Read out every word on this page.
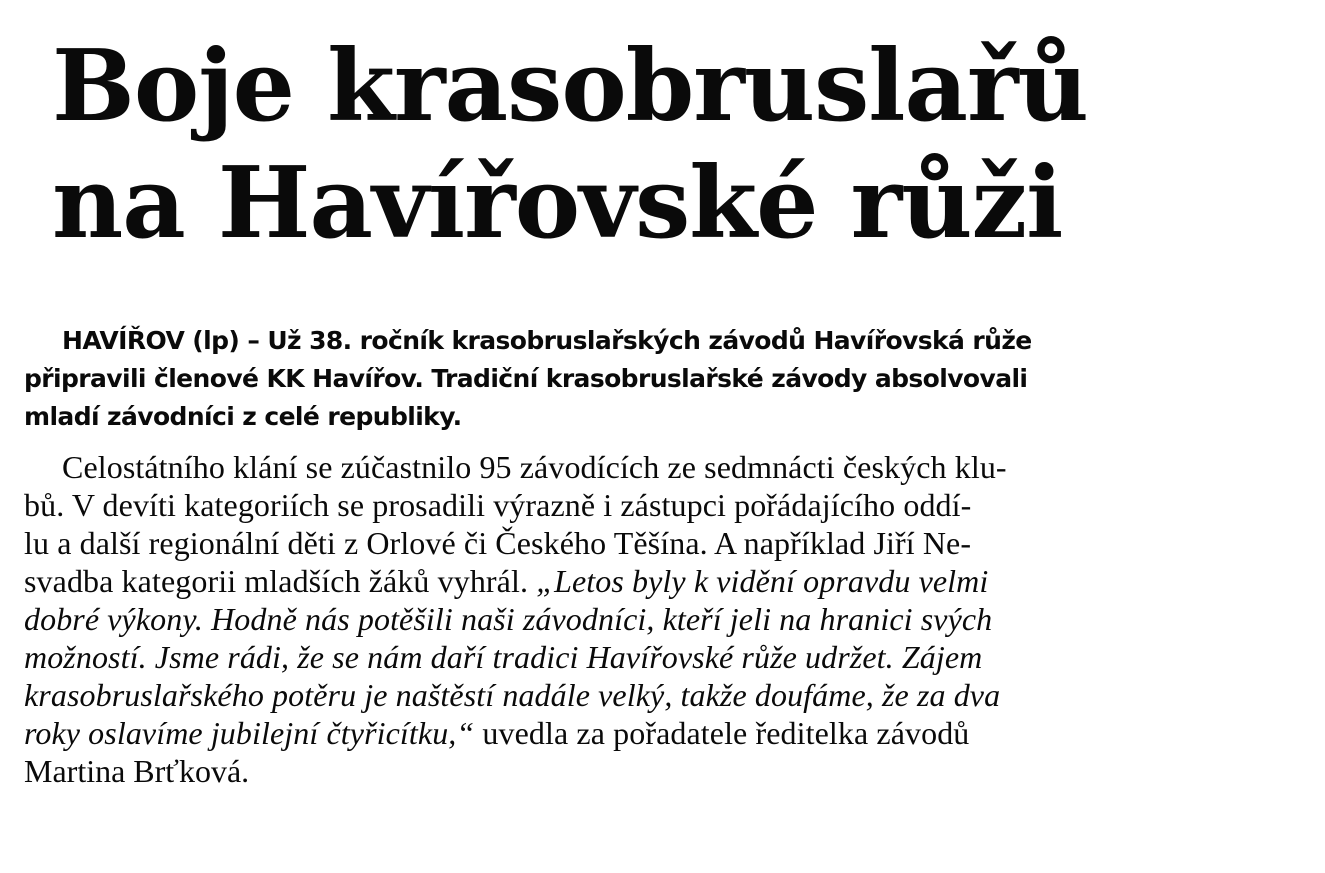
Boje krasobruslařů
na Havířovské růži
HAVÍŘOV (lp) – Už 38. ročník krasobruslařských závodů Havířovská růže
připravili členové KK Havířov. Tradiční krasobruslařské závody absolvovali
mladí závodníci z celé republiky.
Celostátního klání se zúčastnilo 95 závodících ze sedmnácti českých klu-
bů. V devíti kategoriích se prosadili výrazně i zástupci pořádajícího oddí-
lu a další regionální děti z Orlové či Českého Těšína. A například Jiří Ne-
svadba kategorii mladších žáků vyhrál. „Letos byly k vidění opravdu velmi
dobré výkony. Hodně nás potěšili naši závodníci, kteří jeli na hranici svých
možností. Jsme rádi, že se nám daří tradici Havířovské růže udržet. Zájem
krasobruslařského potěru je naštěstí nadále velký, takže doufáme, že za dva
roky oslavíme jubilejní čtyřicítku,“ uvedla za pořadatele ředitelka závodů
Martina Brťková.
